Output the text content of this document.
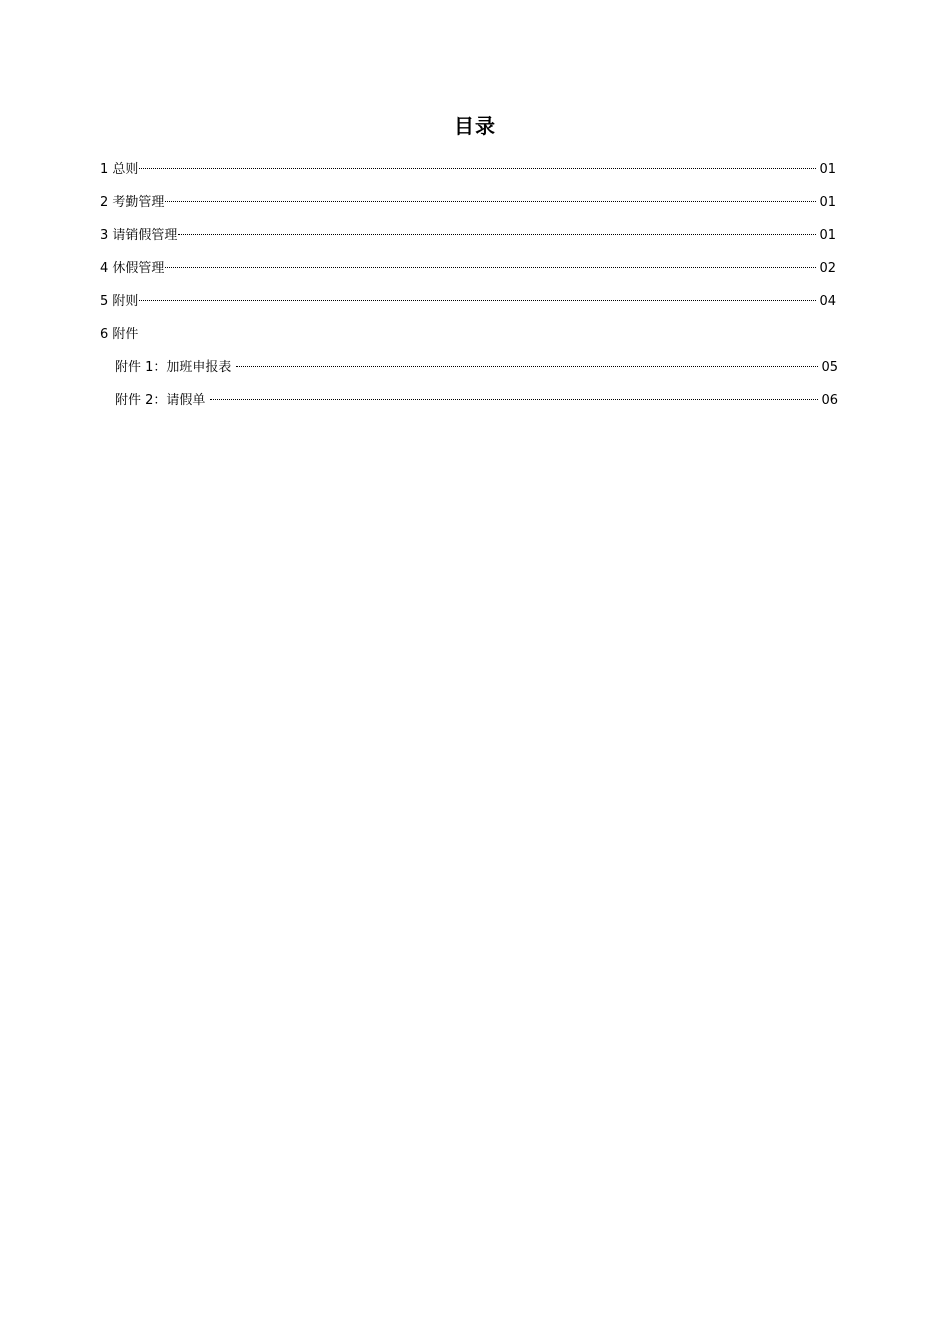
目录
1 总则	01
2 考勤管理	01
3 请销假管理	01
4 休假管理	02
5 附则	04
6 附件
附件 1：加班申报表	05
附件 2：请假单	06
